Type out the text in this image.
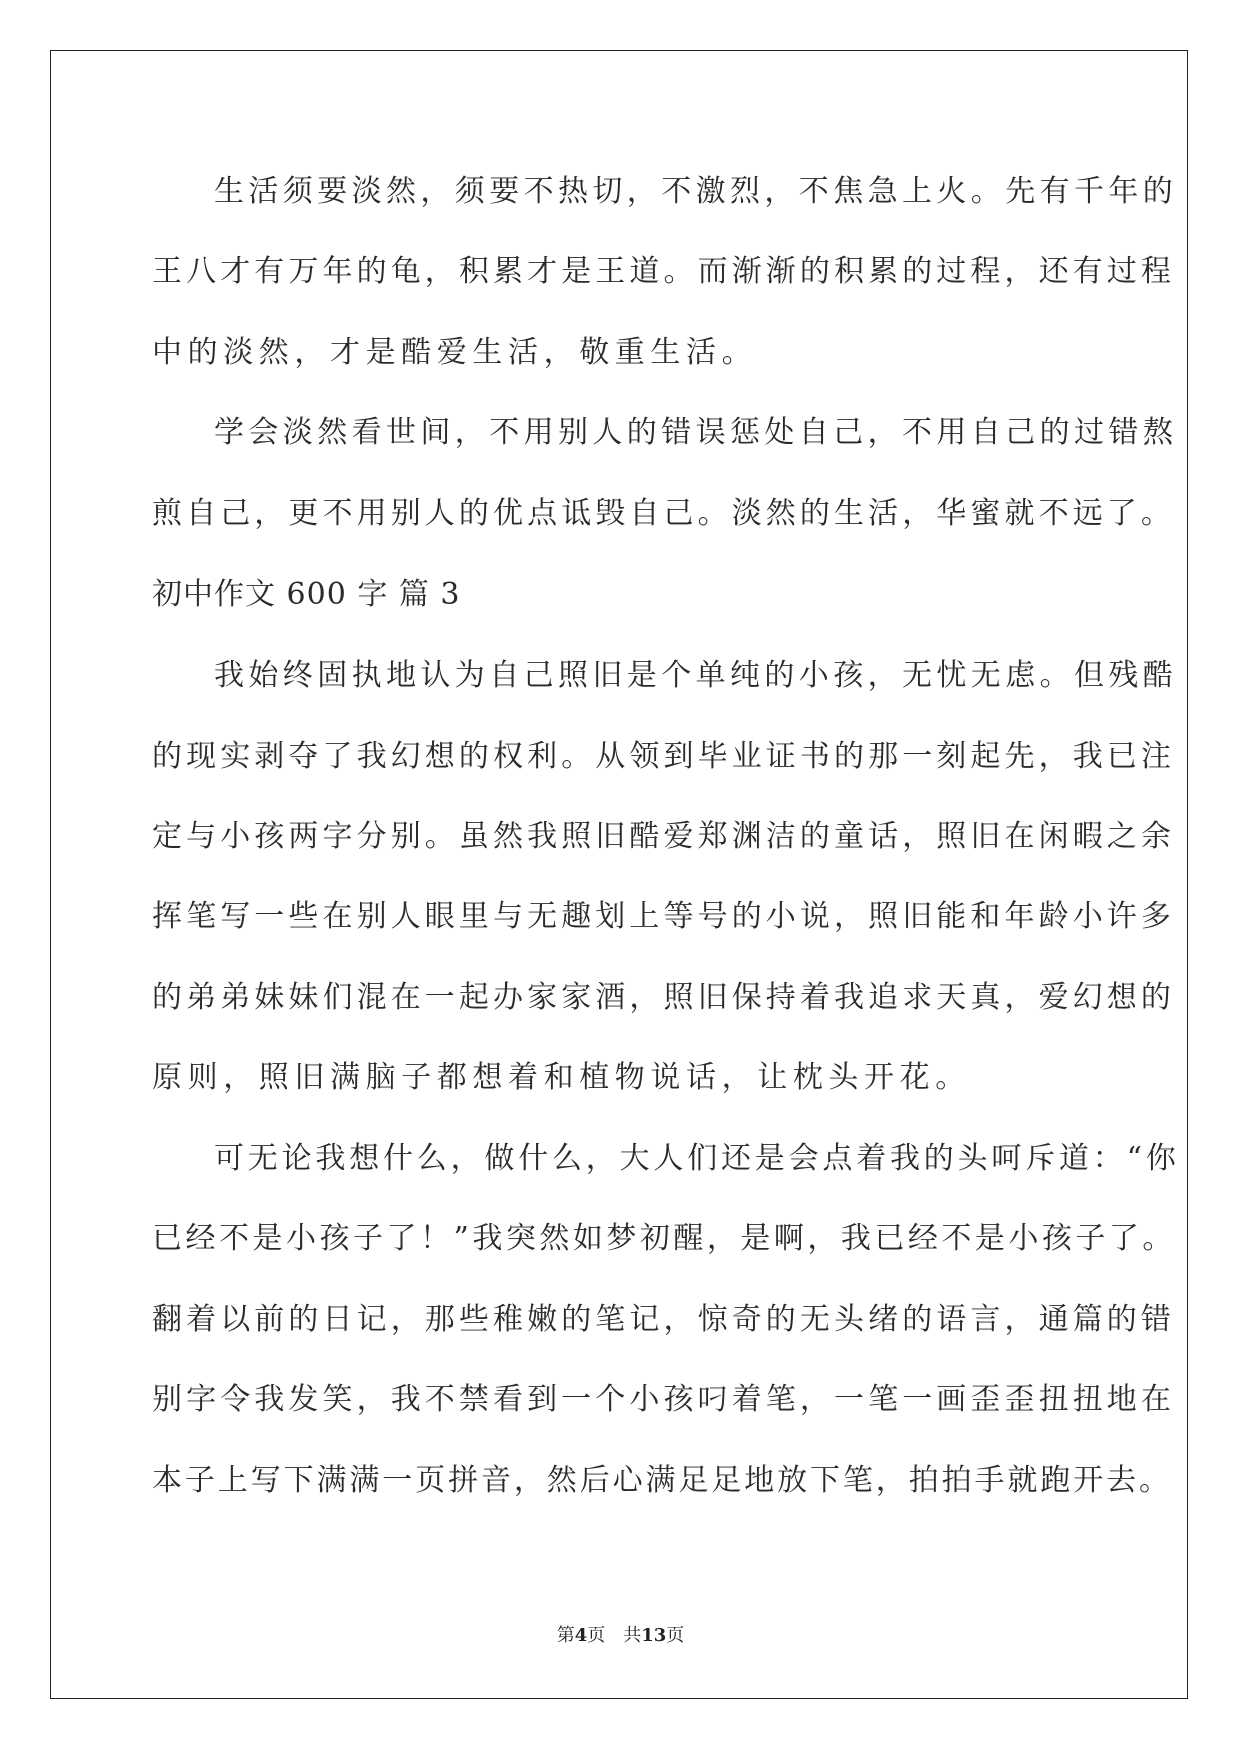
生活须要淡然，须要不热切，不激烈，不焦急上火。先有千年的
王八才有万年的龟，积累才是王道。而渐渐的积累的过程，还有过程
中的淡然，才是酷爱生活，敬重生活。
学会淡然看世间，不用别人的错误惩处自己，不用自己的过错熬
煎自己，更不用别人的优点诋毁自己。淡然的生活，华蜜就不远了。
初中作文 600 字 篇 3
我始终固执地认为自己照旧是个单纯的小孩，无忧无虑。但残酷
的现实剥夺了我幻想的权利。从领到毕业证书的那一刻起先，我已注
定与小孩两字分别。虽然我照旧酷爱郑渊洁的童话，照旧在闲暇之余
挥笔写一些在别人眼里与无趣划上等号的小说，照旧能和年龄小许多
的弟弟妹妹们混在一起办家家酒，照旧保持着我追求天真，爱幻想的
原则，照旧满脑子都想着和植物说话，让枕头开花。
可无论我想什么，做什么，大人们还是会点着我的头呵斥道：“你
已经不是小孩子了！”我突然如梦初醒，是啊，我已经不是小孩子了。
翻着以前的日记，那些稚嫩的笔记，惊奇的无头绪的语言，通篇的错
别字令我发笑，我不禁看到一个小孩叼着笔，一笔一画歪歪扭扭地在
本子上写下满满一页拼音，然后心满足足地放下笔，拍拍手就跑开去。
第4页 共13页
